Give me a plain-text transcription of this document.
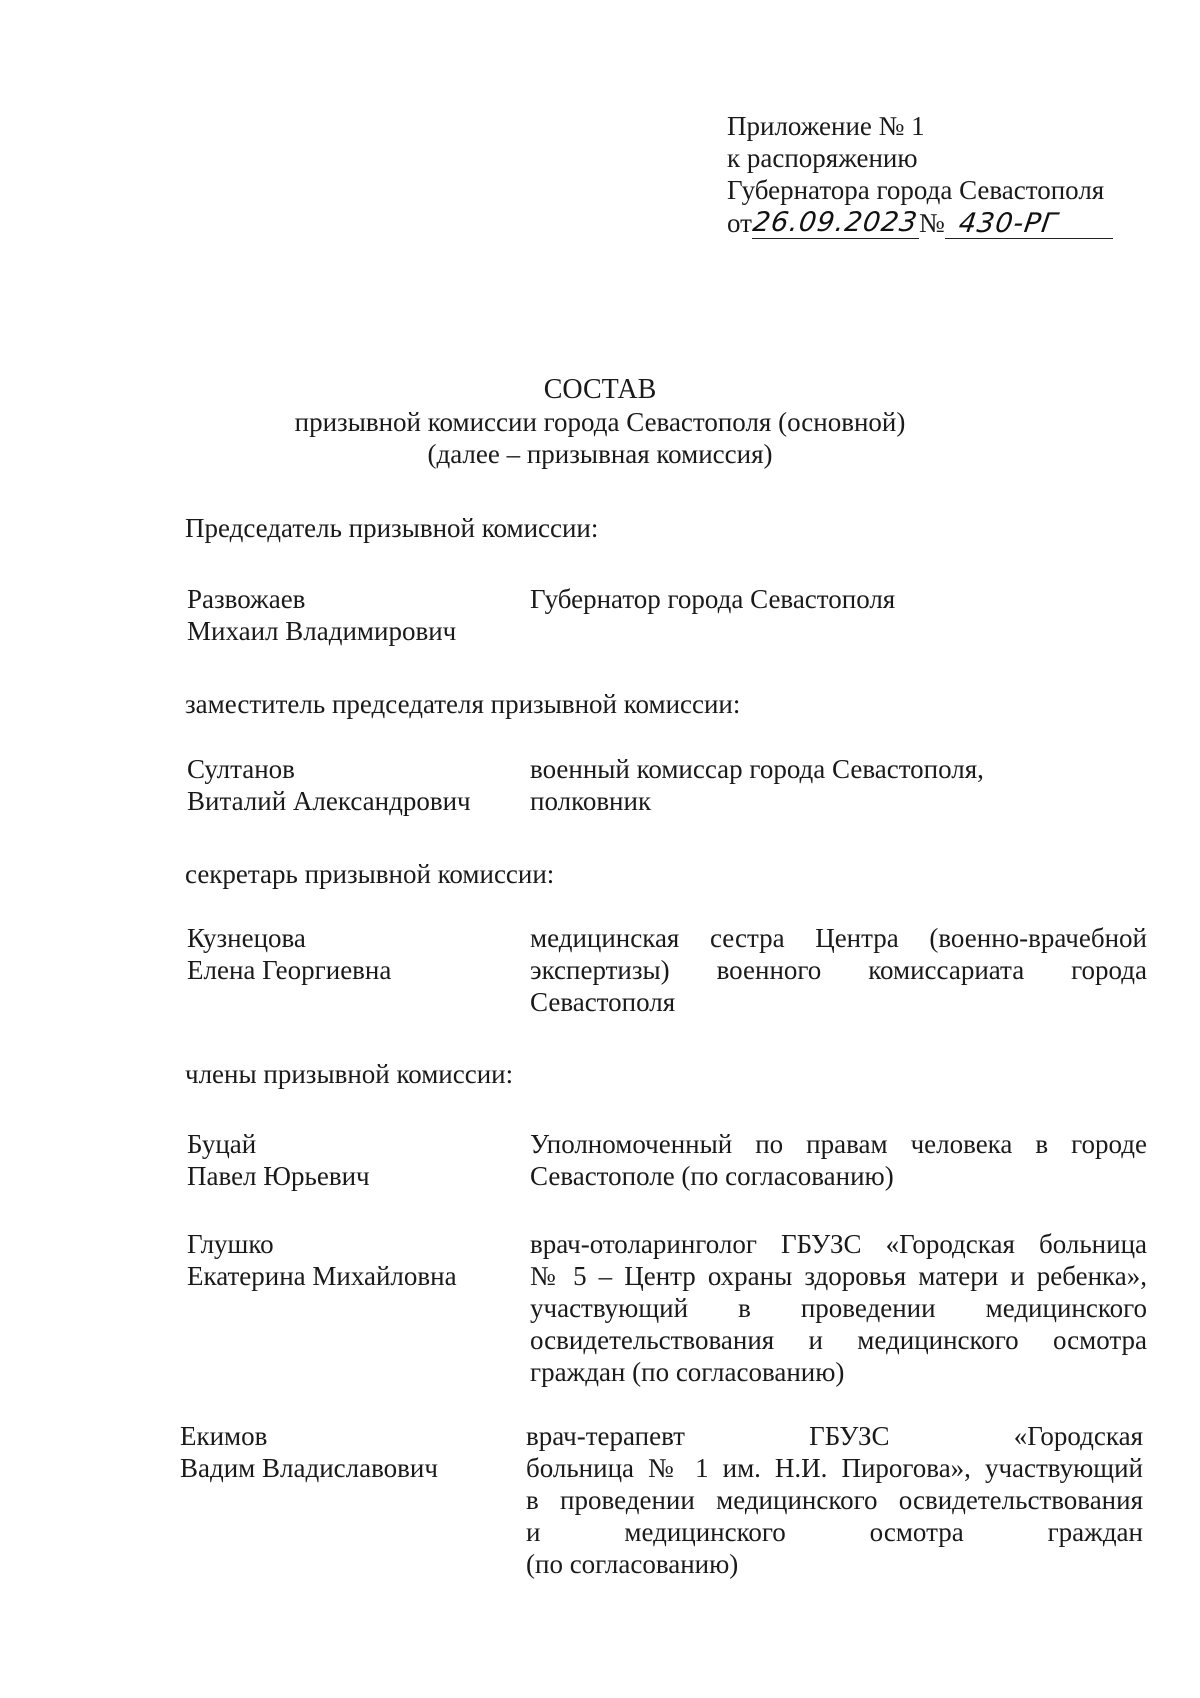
Приложение № 1
к распоряжению
Губернатора города Севастополя
от 26.09.2023
№ 430-РГ
СОСТАВ
призывной комиссии города Севастополя (основной)
(далее – призывная комиссия)
Председатель призывной комиссии:
Развожаев
Михаил Владимирович
Губернатор города Севастополя
заместитель председателя призывной комиссии:
Султанов
Виталий Александрович
военный комиссар города Севастополя,
полковник
секретарь призывной комиссии:
Кузнецова
Елена Георгиевна
медицинская сестра Центра (военно-врачебной
экспертизы) военного комиссариата города
Севастополя
члены призывной комиссии:
Буцай
Павел Юрьевич
Уполномоченный по правам человека в городе
Севастополе (по согласованию)
Глушко
Екатерина Михайловна
врач-отоларинголог ГБУЗС «Городская больница
№ 5 – Центр охраны здоровья матери и ребенка»,
участвующий в проведении медицинского
освидетельствования и медицинского осмотра
граждан (по согласованию)
Екимов
Вадим Владиславович
врач-терапевт ГБУЗС «Городская
больница № 1 им. Н.И. Пирогова», участвующий
в проведении медицинского освидетельствования
и медицинского осмотра граждан
(по согласованию)
